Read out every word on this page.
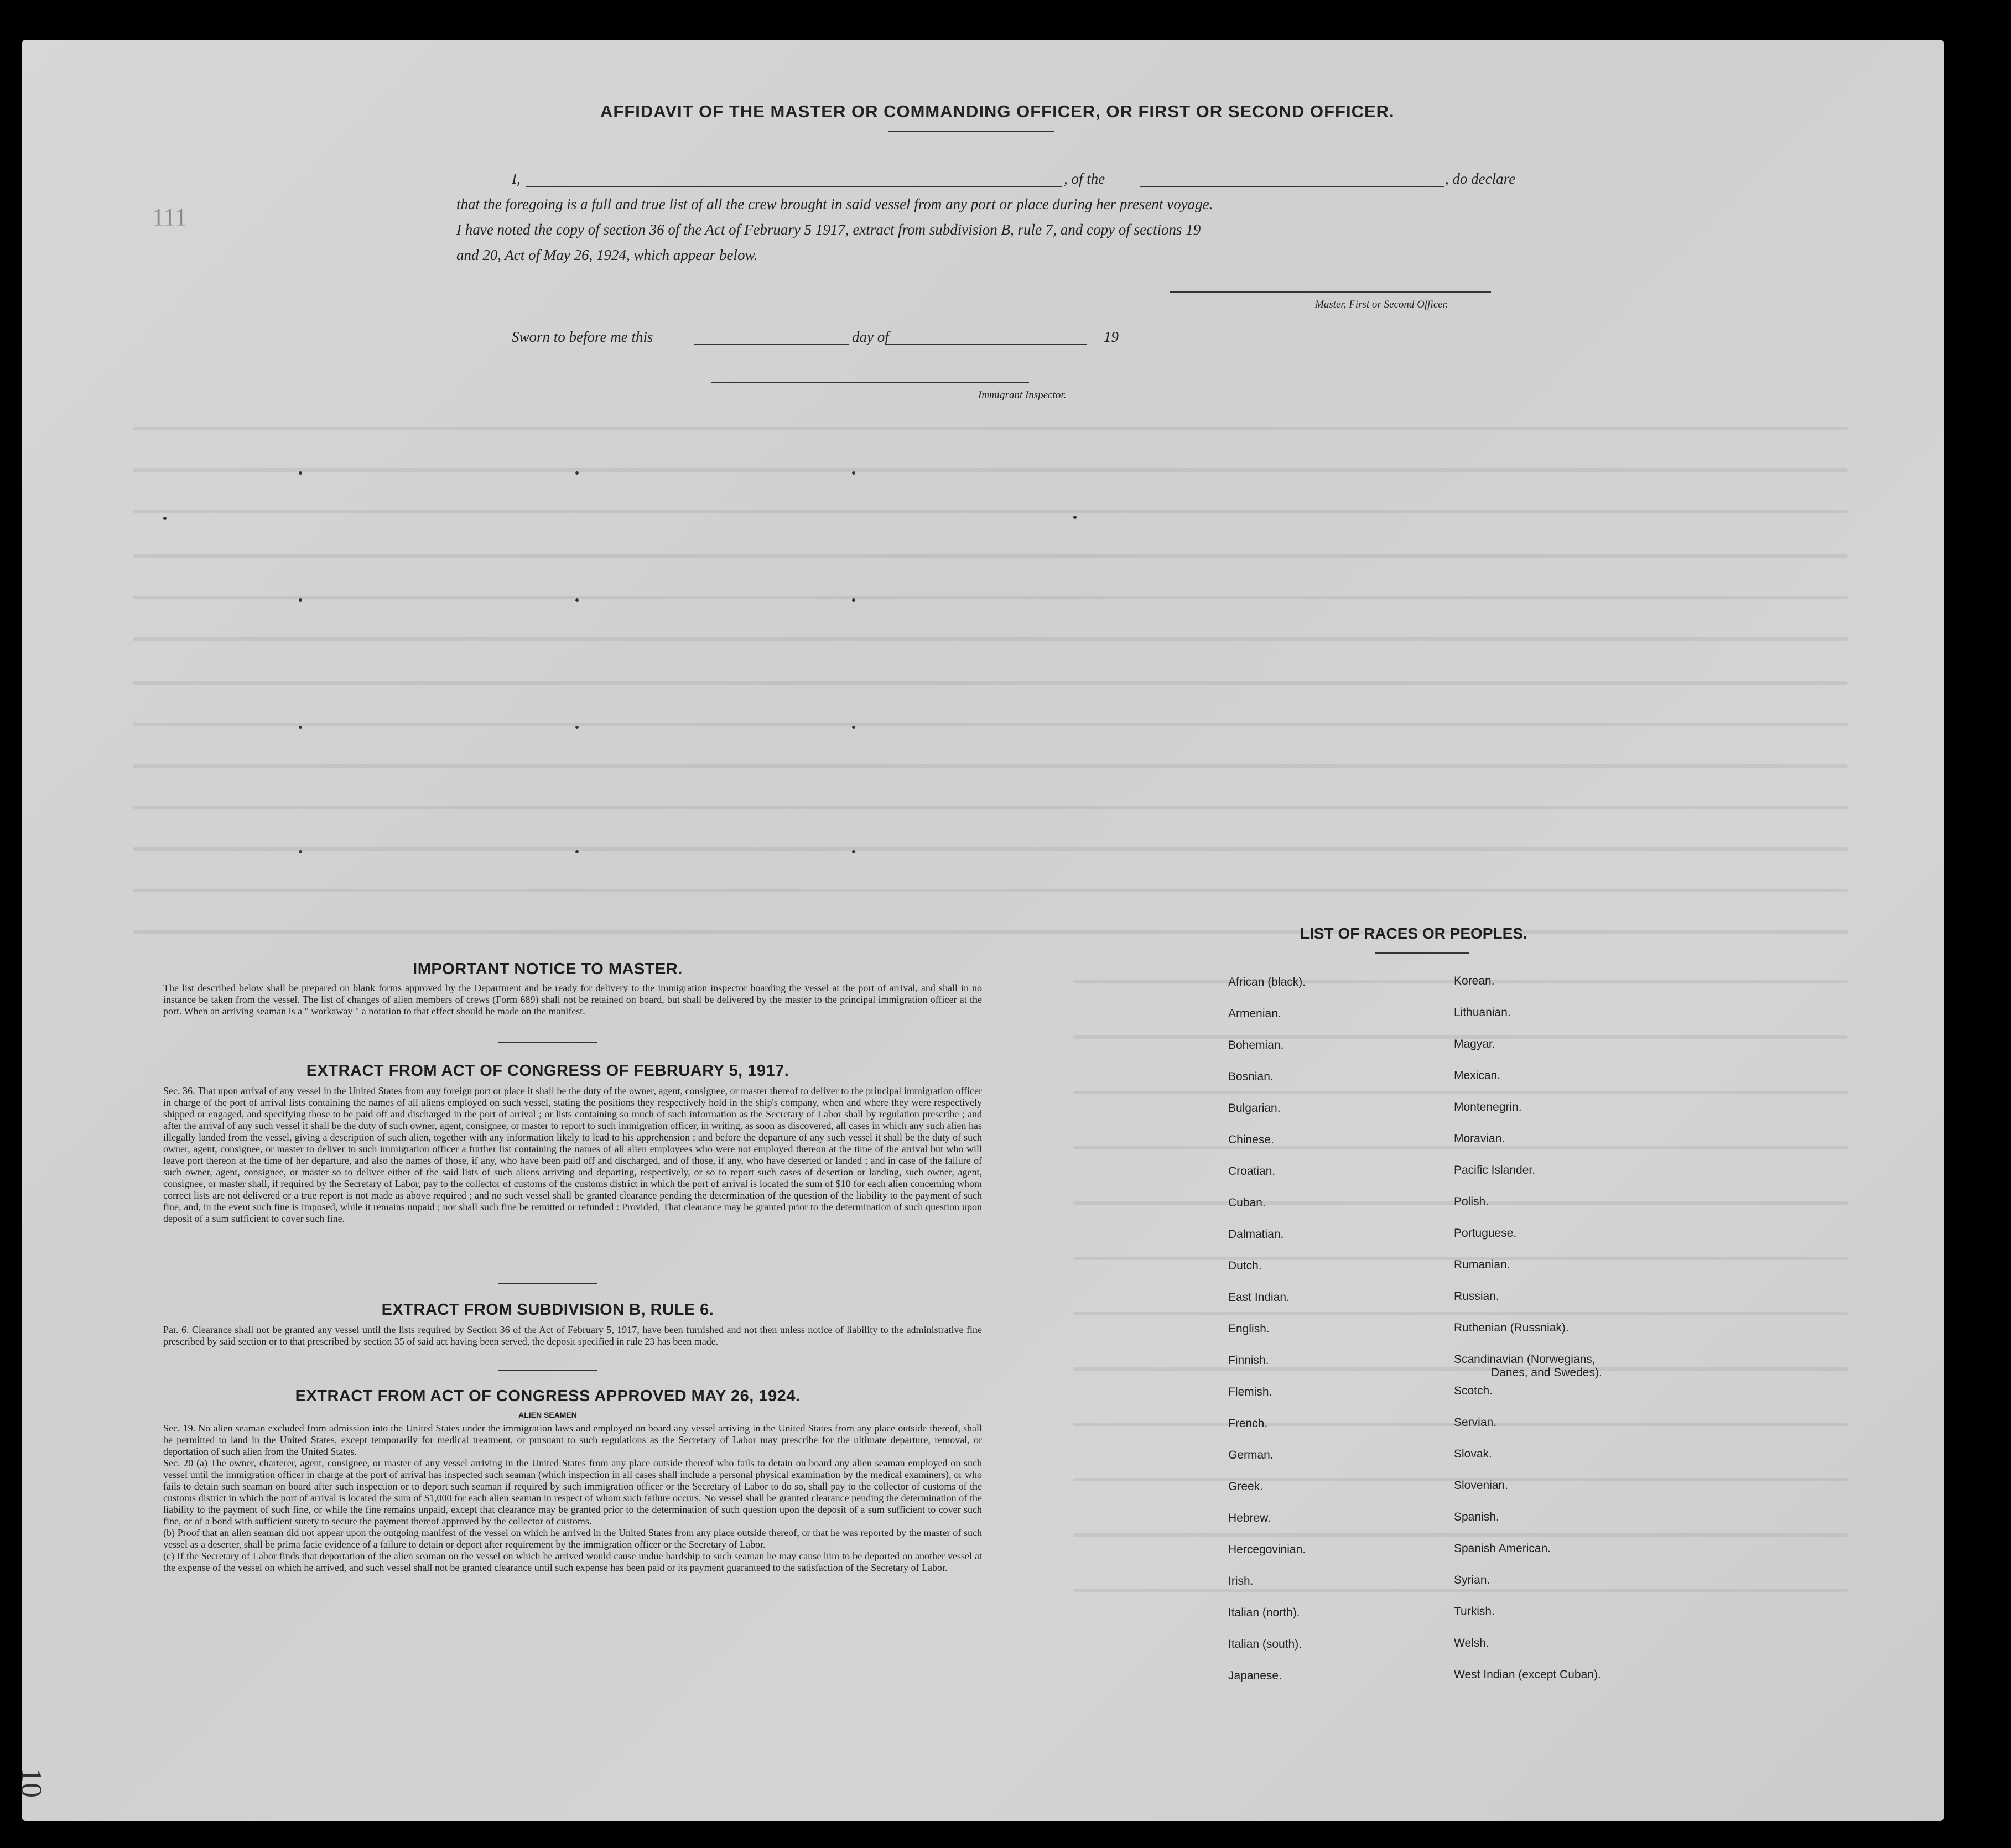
111
10
AFFIDAVIT OF THE MASTER OR COMMANDING OFFICER, OR FIRST OR SECOND OFFICER.
I,	, of the	, do declare
that the foregoing is a full and true list of all the crew brought in said vessel from any port or place during her present voyage.
I have noted the copy of section 36 of the Act of February 5 1917, extract from subdivision B, rule 7, and copy of sections 19
and 20, Act of May 26, 1924, which appear below.
Master, First or Second Officer.
Sworn to before me this	day of	19
Immigrant Inspector.
IMPORTANT NOTICE TO MASTER.
The list described below shall be prepared on blank forms approved by the Department and be ready for delivery to the immigration inspector boarding the vessel at the port of arrival, and shall in no instance be taken from the vessel. The list of changes of alien members of crews (Form 689) shall not be retained on board, but shall be delivered by the master to the principal immigration officer at the port. When an arriving seaman is a " workaway " a notation to that effect should be made on the manifest.
EXTRACT FROM ACT OF CONGRESS OF FEBRUARY 5, 1917.
Sec. 36. That upon arrival of any vessel in the United States from any foreign port or place it shall be the duty of the owner, agent, consignee, or master thereof to deliver to the principal immigration officer in charge of the port of arrival lists containing the names of all aliens employed on such vessel, stating the positions they respectively hold in the ship's company, when and where they were respectively shipped or engaged, and specifying those to be paid off and discharged in the port of arrival ; or lists containing so much of such information as the Secretary of Labor shall by regulation prescribe ; and after the arrival of any such vessel it shall be the duty of such owner, agent, consignee, or master to report to such immigration officer, in writing, as soon as discovered, all cases in which any such alien has illegally landed from the vessel, giving a description of such alien, together with any information likely to lead to his apprehension ; and before the departure of any such vessel it shall be the duty of such owner, agent, consignee, or master to deliver to such immigration officer a further list containing the names of all alien employees who were not employed thereon at the time of the arrival but who will leave port thereon at the time of her departure, and also the names of those, if any, who have been paid off and discharged, and of those, if any, who have deserted or landed ; and in case of the failure of such owner, agent, consignee, or master so to deliver either of the said lists of such aliens arriving and departing, respectively, or so to report such cases of desertion or landing, such owner, agent, consignee, or master shall, if required by the Secretary of Labor, pay to the collector of customs of the customs district in which the port of arrival is located the sum of $10 for each alien concerning whom correct lists are not delivered or a true report is not made as above required ; and no such vessel shall be granted clearance pending the determination of the question of the liability to the payment of such fine, and, in the event such fine is imposed, while it remains unpaid ; nor shall such fine be remitted or refunded : Provided, That clearance may be granted prior to the determination of such question upon deposit of a sum sufficient to cover such fine.
EXTRACT FROM SUBDIVISION B, RULE 6.
Par. 6. Clearance shall not be granted any vessel until the lists required by Section 36 of the Act of February 5, 1917, have been furnished and not then unless notice of liability to the administrative fine prescribed by said section or to that prescribed by section 35 of said act having been served, the deposit specified in rule 23 has been made.
EXTRACT FROM ACT OF CONGRESS APPROVED MAY 26, 1924.
ALIEN SEAMEN
Sec. 19. No alien seaman excluded from admission into the United States under the immigration laws and employed on board any vessel arriving in the United States from any place outside thereof, shall be permitted to land in the United States, except temporarily for medical treatment, or pursuant to such regulations as the Secretary of Labor may prescribe for the ultimate departure, removal, or deportation of such alien from the United States.
Sec. 20 (a) The owner, charterer, agent, consignee, or master of any vessel arriving in the United States from any place outside thereof who fails to detain on board any alien seaman employed on such vessel until the immigration officer in charge at the port of arrival has inspected such seaman (which inspection in all cases shall include a personal physical examination by the medical examiners), or who fails to detain such seaman on board after such inspection or to deport such seaman if required by such immigration officer or the Secretary of Labor to do so, shall pay to the collector of customs of the customs district in which the port of arrival is located the sum of $1,000 for each alien seaman in respect of whom such failure occurs. No vessel shall be granted clearance pending the determination of the liability to the payment of such fine, or while the fine remains unpaid, except that clearance may be granted prior to the determination of such question upon the deposit of a sum sufficient to cover such fine, or of a bond with sufficient surety to secure the payment thereof approved by the collector of customs.
(b) Proof that an alien seaman did not appear upon the outgoing manifest of the vessel on which he arrived in the United States from any place outside thereof, or that he was reported by the master of such vessel as a deserter, shall be prima facie evidence of a failure to detain or deport after requirement by the immigration officer or the Secretary of Labor.
(c) If the Secretary of Labor finds that deportation of the alien seaman on the vessel on which he arrived would cause undue hardship to such seaman he may cause him to be deported on another vessel at the expense of the vessel on which he arrived, and such vessel shall not be granted clearance until such expense has been paid or its payment guaranteed to the satisfaction of the Secretary of Labor.
LIST OF RACES OR PEOPLES.
African (black).
Armenian.
Bohemian.
Bosnian.
Bulgarian.
Chinese.
Croatian.
Cuban.
Dalmatian.
Dutch.
East Indian.
English.
Finnish.
Flemish.
French.
German.
Greek.
Hebrew.
Hercegovinian.
Irish.
Italian (north).
Italian (south).
Japanese.
Korean.
Lithuanian.
Magyar.
Mexican.
Montenegrin.
Moravian.
Pacific Islander.
Polish.
Portuguese.
Rumanian.
Russian.
Ruthenian (Russniak).
Scandinavian (Norwegians,
Danes, and Swedes).
Scotch.
Servian.
Slovak.
Slovenian.
Spanish.
Spanish American.
Syrian.
Turkish.
Welsh.
West Indian (except Cuban).
